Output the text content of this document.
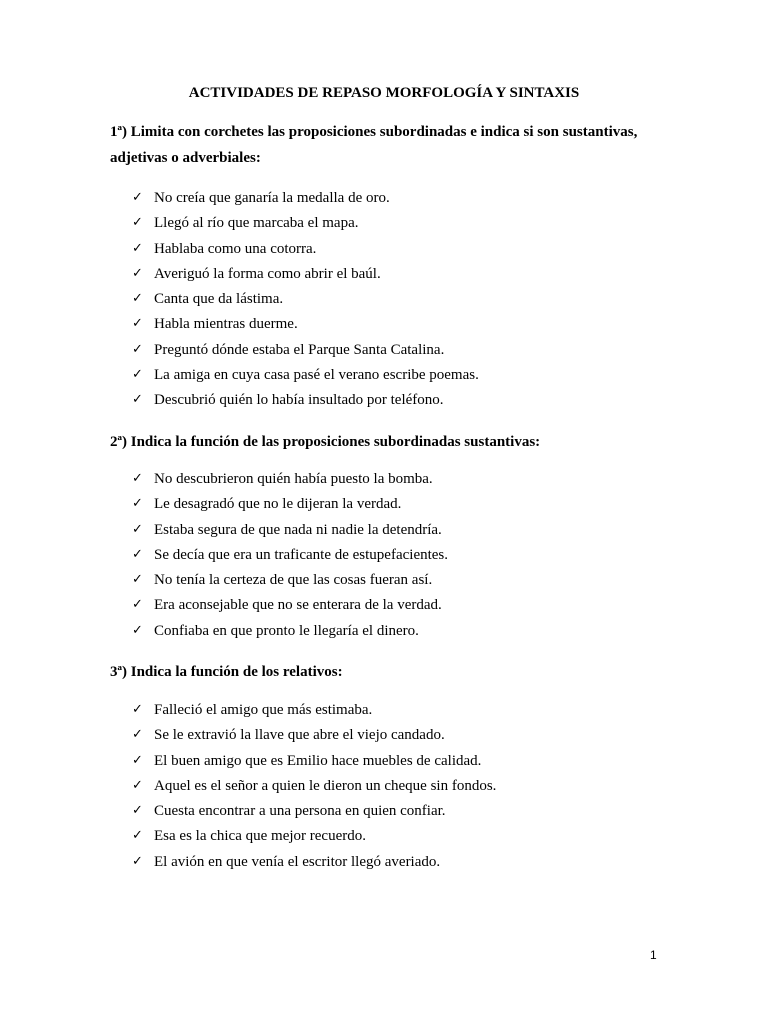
ACTIVIDADES DE REPASO MORFOLOGÍA Y SINTAXIS
1ª) Limita con corchetes las proposiciones subordinadas e indica si son sustantivas, adjetivas o adverbiales:
✓ No creía que ganaría la medalla de oro.
✓ Llegó al río que marcaba el mapa.
✓ Hablaba como una cotorra.
✓ Averiguó la forma como abrir el baúl.
✓ Canta que da lástima.
✓ Habla mientras duerme.
✓ Preguntó dónde estaba el Parque Santa Catalina.
✓ La amiga en cuya casa pasé el verano escribe poemas.
✓ Descubrió quién lo había insultado por teléfono.
2ª) Indica la función de las proposiciones subordinadas sustantivas:
✓ No descubrieron quién había puesto la bomba.
✓ Le desagradó que no le dijeran la verdad.
✓ Estaba segura de que nada ni nadie la detendría.
✓ Se decía que era un traficante de estupefacientes.
✓ No tenía la certeza de que las cosas fueran así.
✓ Era aconsejable que no se enterara de la verdad.
✓ Confiaba en que pronto le llegaría el dinero.
3ª) Indica la función de los relativos:
✓ Falleció el amigo que más estimaba.
✓ Se le extravió la llave que abre el viejo candado.
✓ El buen amigo que es Emilio hace muebles de calidad.
✓ Aquel es el señor a quien le dieron un cheque sin fondos.
✓ Cuesta encontrar a una persona en quien confiar.
✓ Esa es la chica que mejor recuerdo.
✓ El avión en que venía el escritor llegó averiado.
1
